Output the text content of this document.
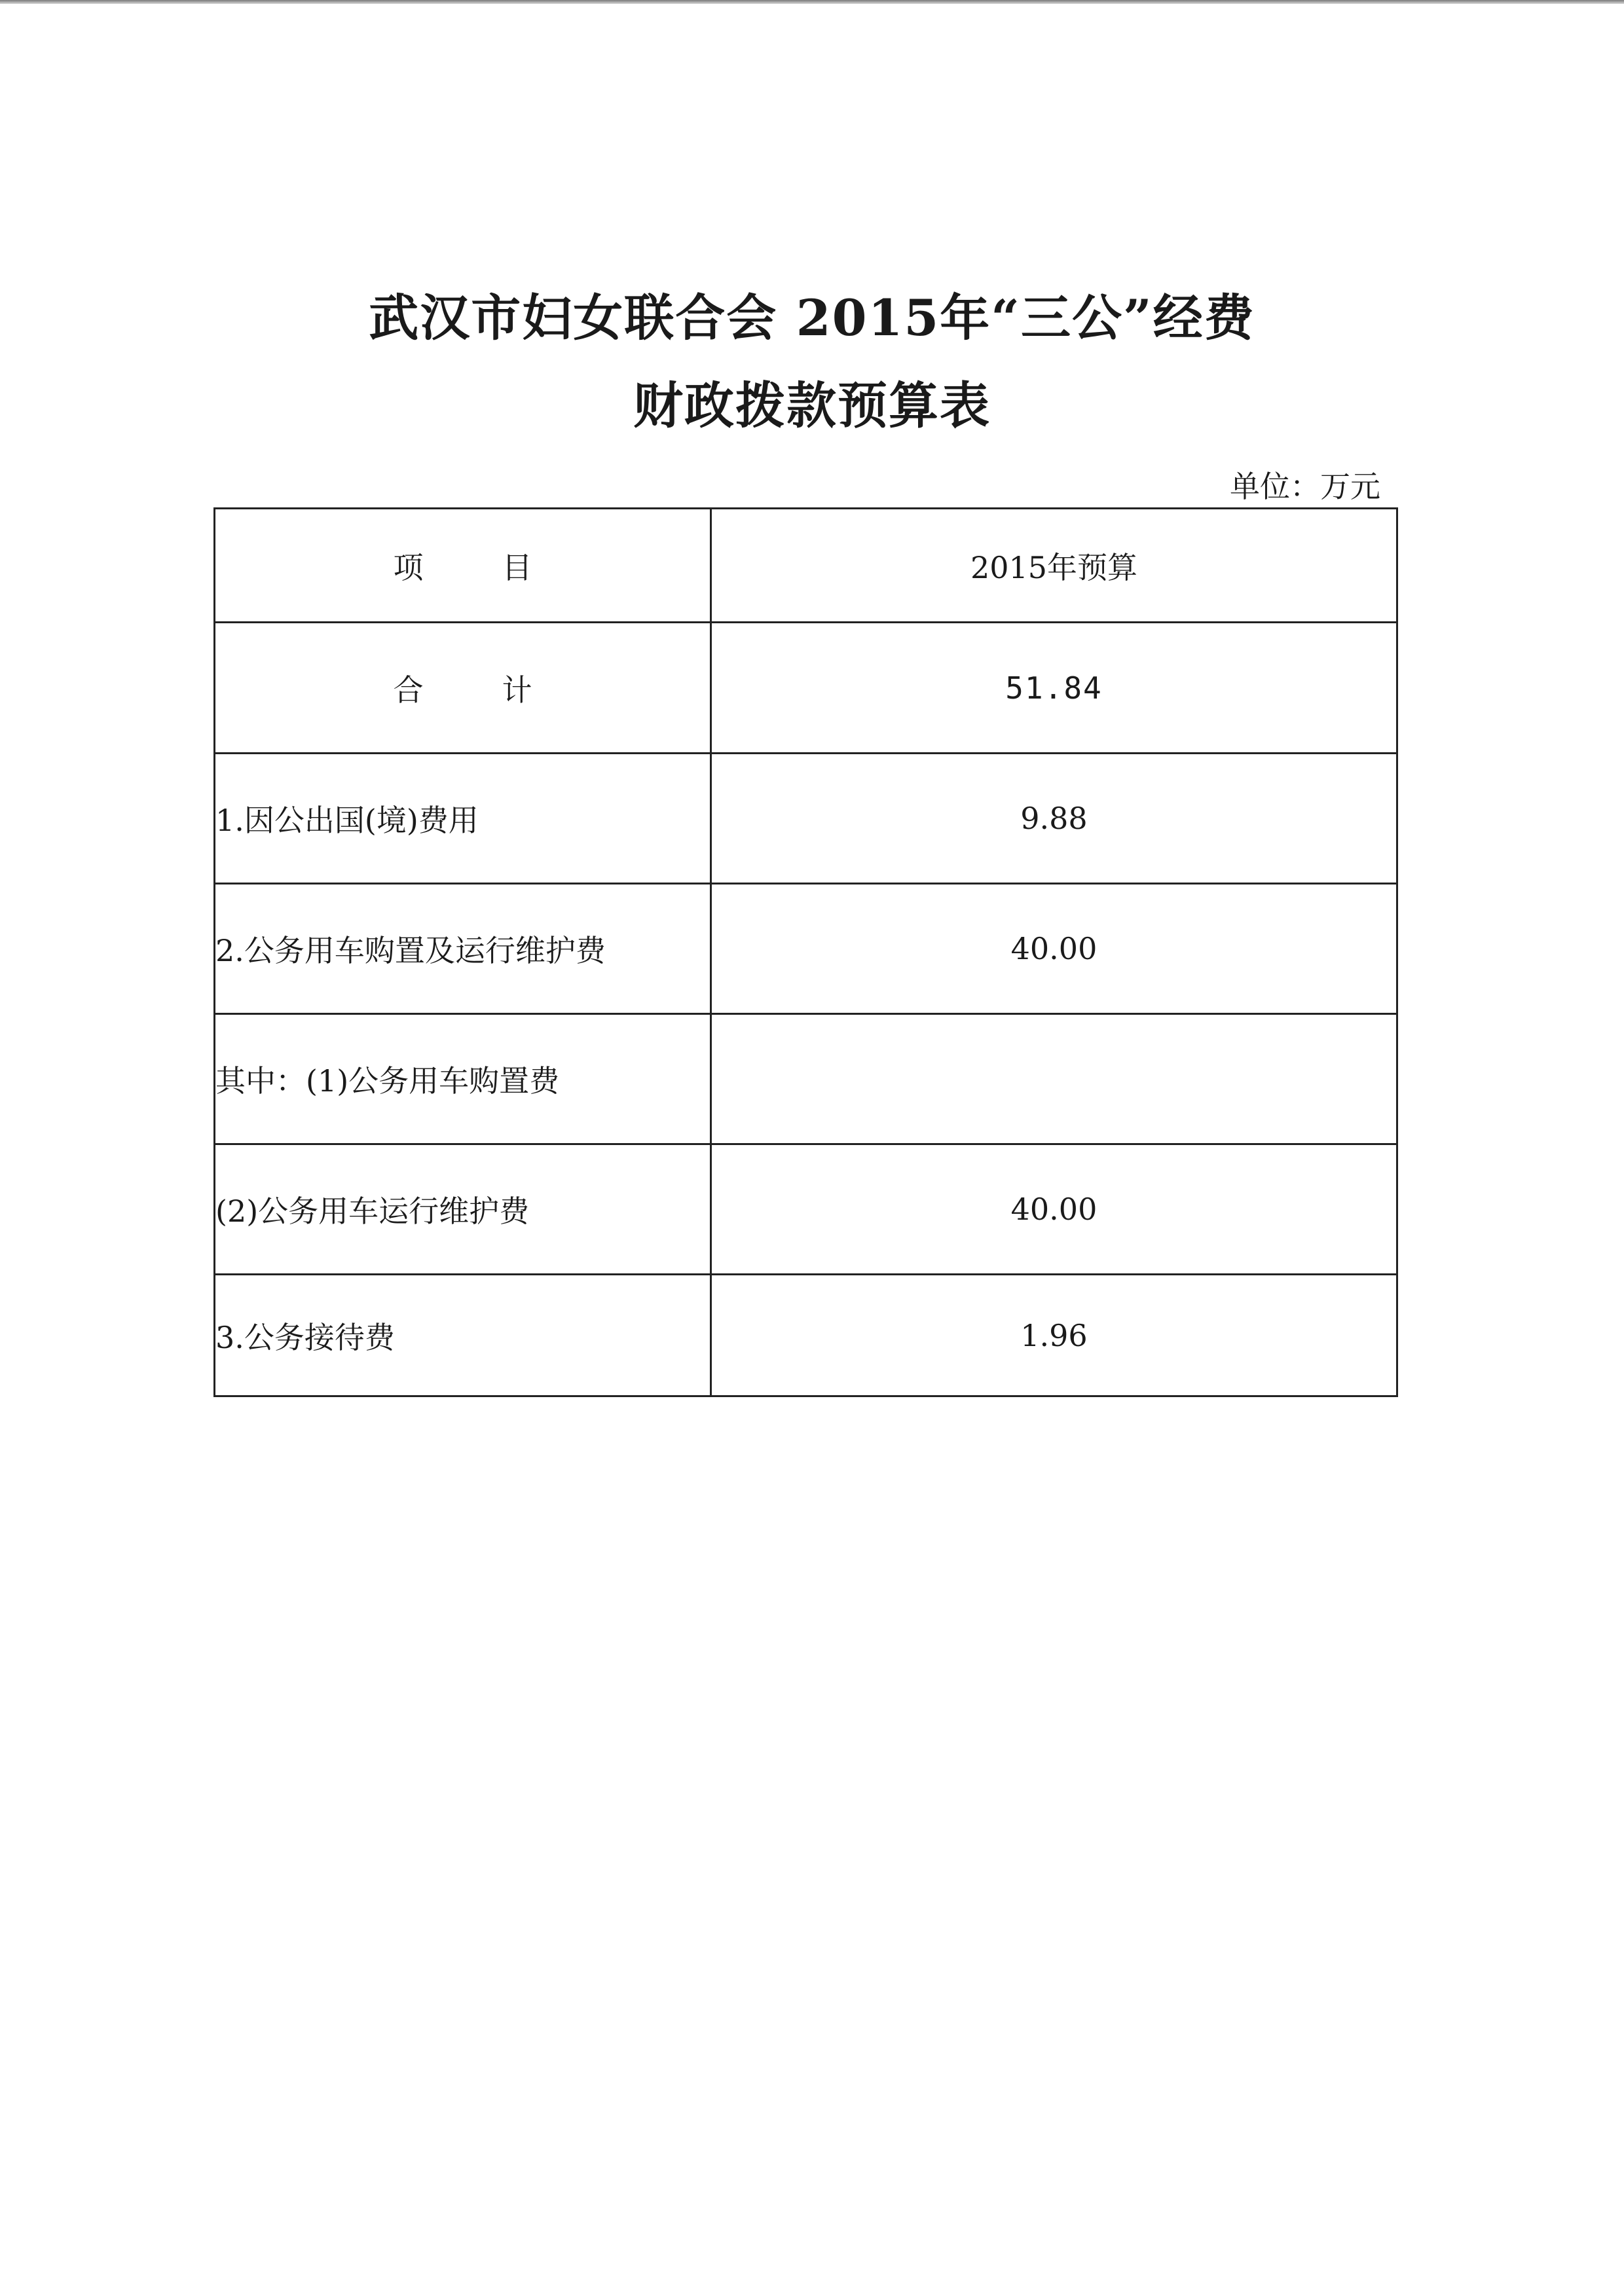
武汉市妇女联合会 2015年“三公”经费
财政拨款预算表
单位：万元
项 目	2015年预算
合 计	51.84
1.因公出国(境)费用	9.88
2.公务用车购置及运行维护费	40.00
其中：(1)公务用车购置费	
(2)公务用车运行维护费	40.00
3.公务接待费	1.96
